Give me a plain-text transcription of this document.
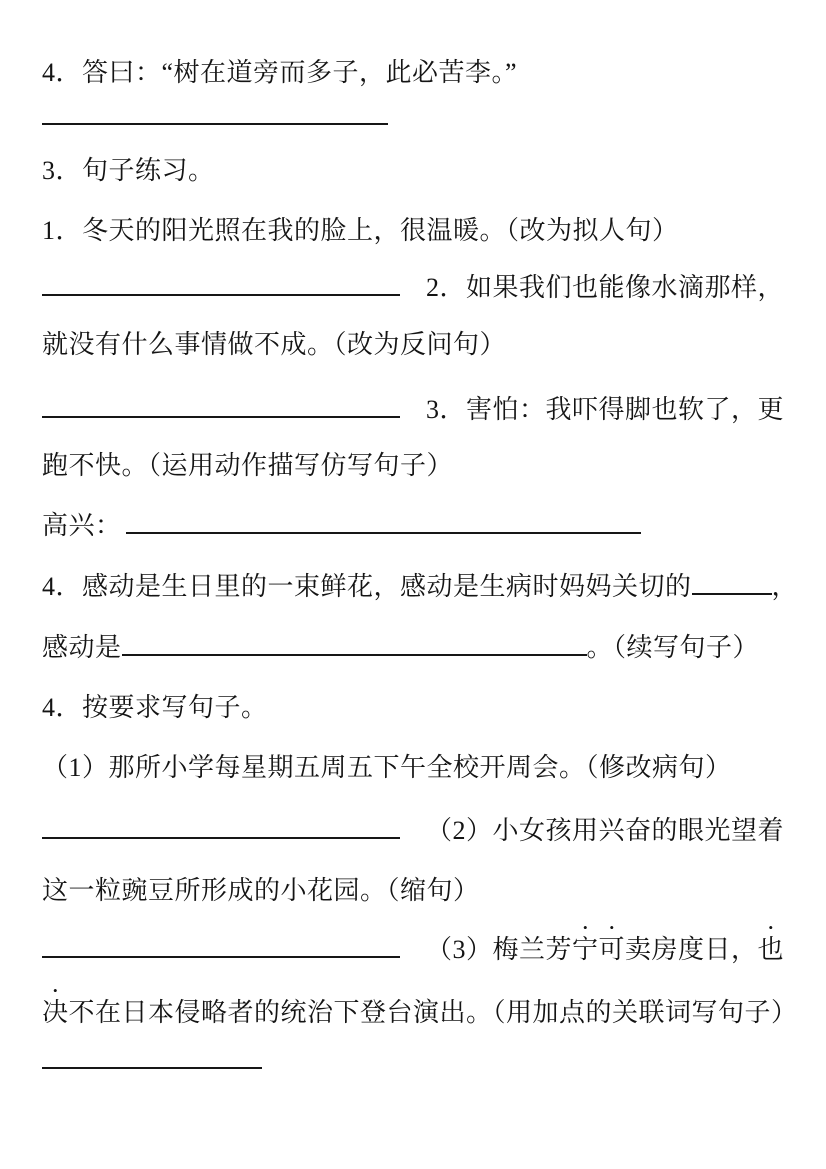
4．答曰：“树在道旁而多子，此必苦李。”
3．句子练习。
1．冬天的阳光照在我的脸上，很温暖。（改为拟人句）
2．如果我们也能像水滴那样，
就没有什么事情做不成。（改为反问句）
3．害怕：我吓得脚也软了，更
跑不快。（运用动作描写仿写句子）
高兴：
4．感动是生日里的一束鲜花，感动是生病时妈妈关切的	，
感动是	。（续写句子）
4．按要求写句子。
（1）那所小学每星期五周五下午全校开周会。（修改病句）
（2）小女孩用兴奋的眼光望着
这一粒豌豆所形成的小花园。（缩句）
（3）梅兰芳宁可卖房度日，也
决不在日本侵略者的统治下登台演出。（用加点的关联词写句子）
